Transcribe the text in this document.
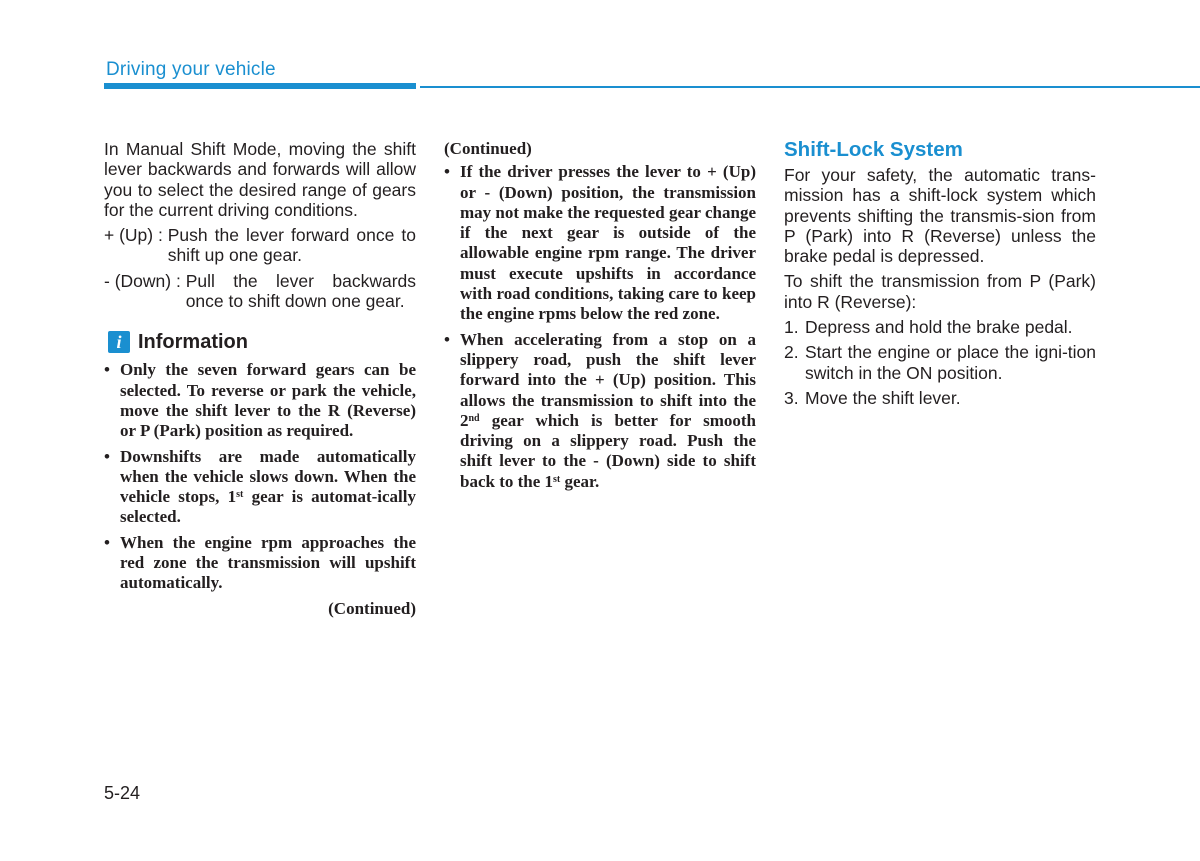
Driving your vehicle

In Manual Shift Mode, moving the shift lever backwards and forwards will allow you to select the desired range of gears for the current driving conditions.

+ (Up) : Push the lever forward once to shift up one gear.
- (Down) : Pull the lever backwards once to shift down one gear.
i Information
• Only the seven forward gears can be selected. To reverse or park the vehicle, move the shift lever to the R (Reverse) or P (Park) position as required.
• Downshifts are made automatically when the vehicle slows down. When the vehicle stops, 1st gear is automat-ically selected.
• When the engine rpm approaches the red zone the transmission will upshift automatically.
(Continued)
(Continued)
• If the driver presses the lever to + (Up) or - (Down) position, the transmission may not make the requested gear change if the next gear is outside of the allowable engine rpm range. The driver must execute upshifts in accordance with road conditions, taking care to keep the engine rpms below the red zone.
• When accelerating from a stop on a slippery road, push the shift lever forward into the + (Up) position. This allows the transmission to shift into the 2nd gear which is better for smooth driving on a slippery road. Push the shift lever to the - (Down) side to shift back to the 1st gear.
Shift-Lock System

For your safety, the automatic trans-mission has a shift-lock system which prevents shifting the transmis-sion from P (Park) into R (Reverse) unless the brake pedal is depressed.

To shift the transmission from P (Park) into R (Reverse):

1. Depress and hold the brake pedal.
2. Start the engine or place the igni-tion switch in the ON position.
3. Move the shift lever.
5-24
